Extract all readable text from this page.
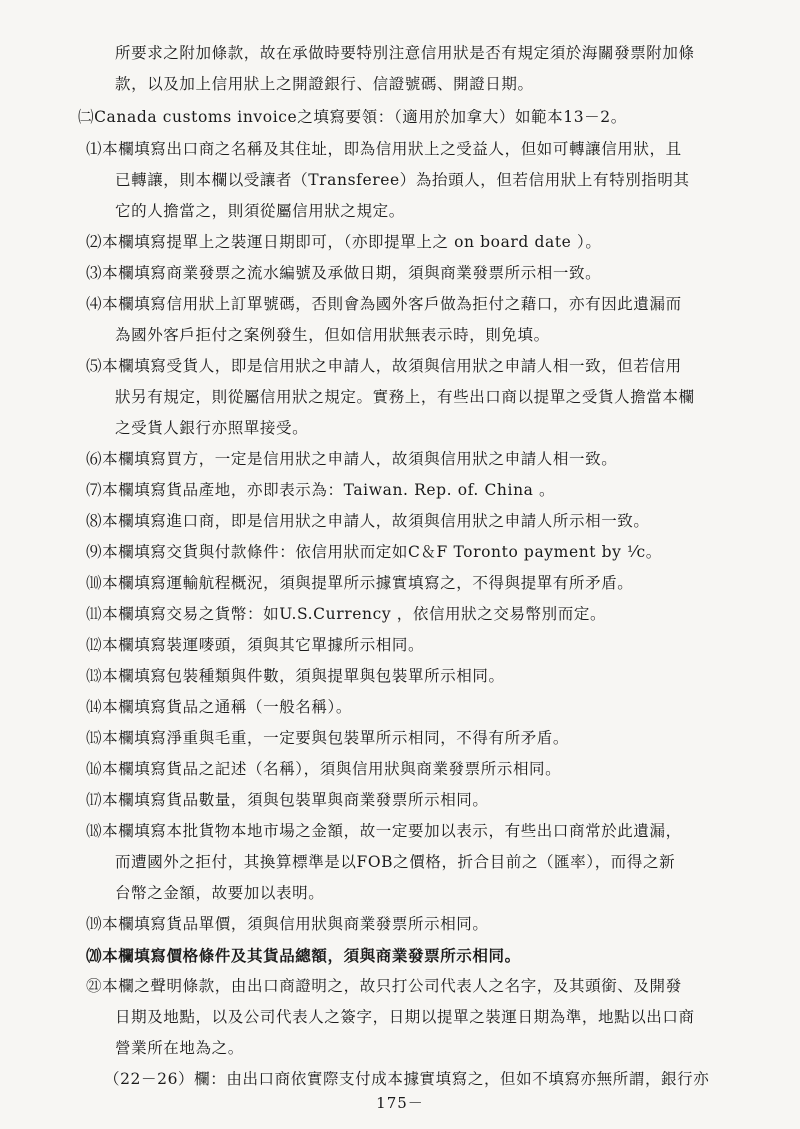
所要求之附加條款，故在承做時要特別注意信用狀是否有規定須於海關發票附加條
款，以及加上信用狀上之開證銀行、信證號碼、開證日期。
㈡Canada customs invoice之填寫要領：（適用於加拿大）如範本13－2。
⑴本欄填寫出口商之名稱及其住址，即為信用狀上之受益人，但如可轉讓信用狀，且
已轉讓，則本欄以受讓者（Transferee）為抬頭人，但若信用狀上有特別指明其
它的人擔當之，則須從屬信用狀之規定。
⑵本欄填寫提單上之裝運日期即可，（亦即提單上之 on board date ）。
⑶本欄填寫商業發票之流水編號及承做日期，須與商業發票所示相一致。
⑷本欄填寫信用狀上訂單號碼，否則會為國外客戶做為拒付之藉口，亦有因此遺漏而
為國外客戶拒付之案例發生，但如信用狀無表示時，則免填。
⑸本欄填寫受貨人，即是信用狀之申請人，故須與信用狀之申請人相一致，但若信用
狀另有規定，則從屬信用狀之規定。實務上，有些出口商以提單之受貨人擔當本欄
之受貨人銀行亦照單接受。
⑹本欄填寫買方，一定是信用狀之申請人，故須與信用狀之申請人相一致。
⑺本欄填寫貨品產地，亦即表示為：Taiwan. Rep. of. China 。
⑻本欄填寫進口商，即是信用狀之申請人，故須與信用狀之申請人所示相一致。
⑼本欄填寫交貨與付款條件：依信用狀而定如C＆F Toronto payment by ⅟c。
⑽本欄填寫運輸航程概況，須與提單所示據實填寫之，不得與提單有所矛盾。
⑾本欄填寫交易之貨幣：如U.S.Currency ，依信用狀之交易幣別而定。
⑿本欄填寫裝運嘜頭，須與其它單據所示相同。
⒀本欄填寫包裝種類與件數，須與提單與包裝單所示相同。
⒁本欄填寫貨品之通稱（一般名稱）。
⒂本欄填寫淨重與毛重，一定要與包裝單所示相同，不得有所矛盾。
⒃本欄填寫貨品之記述（名稱），須與信用狀與商業發票所示相同。
⒄本欄填寫貨品數量，須與包裝單與商業發票所示相同。
⒅本欄填寫本批貨物本地市場之金額，故一定要加以表示，有些出口商常於此遺漏，
而遭國外之拒付，其換算標準是以FOB之價格，折合目前之（匯率），而得之新
台幣之金額，故要加以表明。
⒆本欄填寫貨品單價，須與信用狀與商業發票所示相同。
⒇本欄填寫價格條件及其貨品總額，須與商業發票所示相同。
㉑本欄之聲明條款，由出口商證明之，故只打公司代表人之名字，及其頭銜、及開發
日期及地點，以及公司代表人之簽字，日期以提單之裝運日期為準，地點以出口商
營業所在地為之。
（22－26）欄：由出口商依實際支付成本據實填寫之，但如不填寫亦無所謂，銀行亦
175－
